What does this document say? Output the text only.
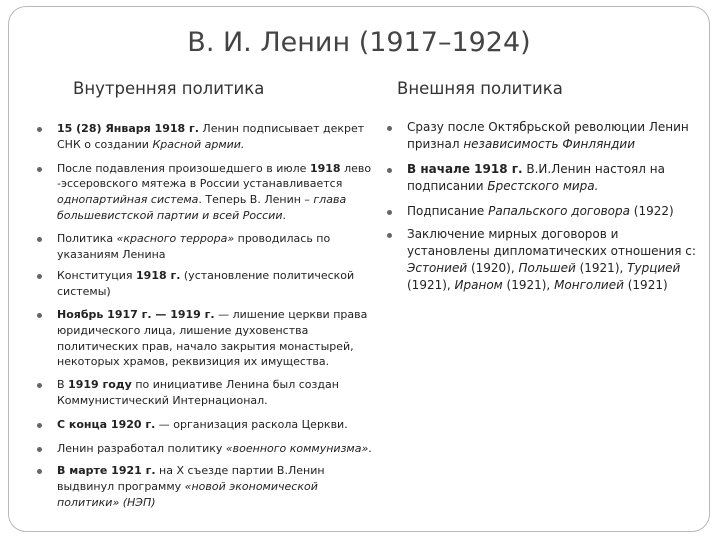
В. И. Ленин (1917–1924)
Внутренняя политика	Внешняя политика
15 (28) Января 1918 г. Ленин подписывает декрет СНК о создании Красной армии.
После подавления произошедшего в июле 1918 лево -эссеровского мятежа в России устанавливается однопартийная система. Теперь В. Ленин – глава большевистской партии и всей России.
Политика «красного террора» проводилась по указаниям Ленина
Конституция 1918 г. (установление политической системы)
Ноябрь 1917 г. — 1919 г. — лишение церкви права юридического лица, лишение духовенства политических прав, начало закрытия монастырей, некоторых храмов, реквизиция их имущества.
В 1919 году по инициативе Ленина был создан Коммунистический Интернационал.
С конца 1920 г. — организация раскола Церкви.
Ленин разработал политику «военного коммунизма».
В марте 1921 г. на X съезде партии В.Ленин выдвинул программу «новой экономической политики» (НЭП)
Сразу после Октябрьской революции Ленин признал независимость Финляндии
В начале 1918 г. В.И.Ленин настоял на подписании Брестского мира.
Подписание Рапальского договора (1922)
Заключение мирных договоров и установлены дипломатических отношения с: Эстонией (1920), Польшей (1921), Турцией (1921), Ираном (1921), Монголией (1921)
